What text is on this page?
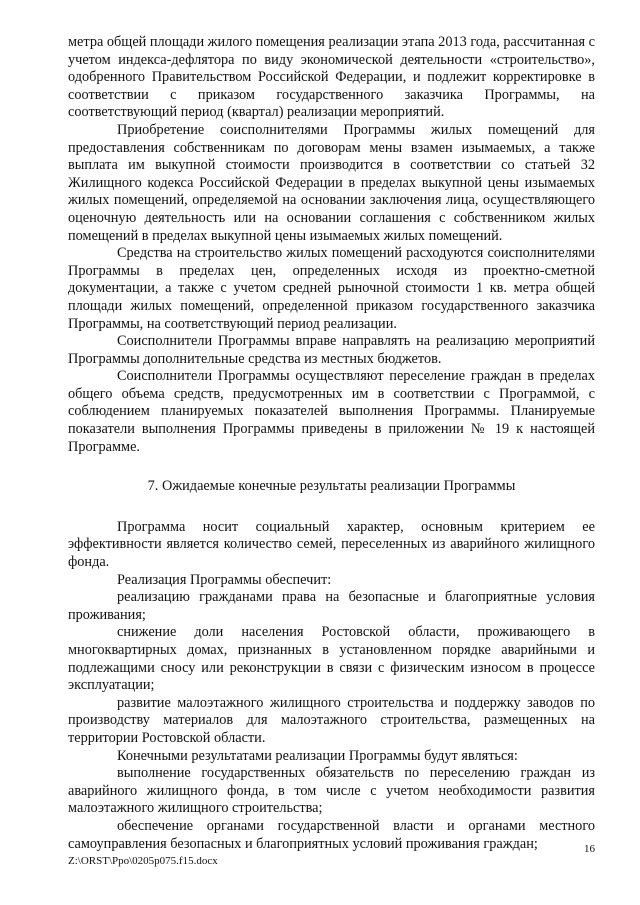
метра общей площади жилого помещения реализации этапа 2013 года, рассчитанная с учетом индекса-дефлятора по виду экономической деятельности «строительство», одобренного Правительством Российской Федерации, и подлежит корректировке в соответствии с приказом государственного заказчика Программы, на соответствующий период (квартал) реализации мероприятий.

Приобретение соисполнителями Программы жилых помещений для предоставления собственникам по договорам мены взамен изымаемых, а также выплата им выкупной стоимости производится в соответствии со статьей 32 Жилищного кодекса Российской Федерации в пределах выкупной цены изымаемых жилых помещений, определяемой на основании заключения лица, осуществляющего оценочную деятельность или на основании соглашения с собственником жилых помещений в пределах выкупной цены изымаемых жилых помещений.

Средства на строительство жилых помещений расходуются соисполнителями Программы в пределах цен, определенных исходя из проектно-сметной документации, а также с учетом средней рыночной стоимости 1 кв. метра общей площади жилых помещений, определенной приказом государственного заказчика Программы, на соответствующий период реализации.

Соисполнители Программы вправе направлять на реализацию мероприятий Программы дополнительные средства из местных бюджетов.

Соисполнители Программы осуществляют переселение граждан в пределах общего объема средств, предусмотренных им в соответствии с Программой, с соблюдением планируемых показателей выполнения Программы. Планируемые показатели выполнения Программы приведены в приложении № 19 к настоящей Программе.

7. Ожидаемые конечные результаты реализации Программы

Программа носит социальный характер, основным критерием ее эффективности является количество семей, переселенных из аварийного жилищного фонда.

Реализация Программы обеспечит:

реализацию гражданами права на безопасные и благоприятные условия проживания;

снижение доли населения Ростовской области, проживающего в многоквартирных домах, признанных в установленном порядке аварийными и подлежащими сносу или реконструкции в связи с физическим износом в процессе эксплуатации;

развитие малоэтажного жилищного строительства и поддержку заводов по производству материалов для малоэтажного строительства, размещенных на территории Ростовской области.

Конечными результатами реализации Программы будут являться:

выполнение государственных обязательств по переселению граждан из аварийного жилищного фонда, в том числе с учетом необходимости развития малоэтажного жилищного строительства;

обеспечение органами государственной власти и органами местного самоуправления безопасных и благоприятных условий проживания граждан;	16
Z:\ORST\Ppo\0205p075.f15.docx
